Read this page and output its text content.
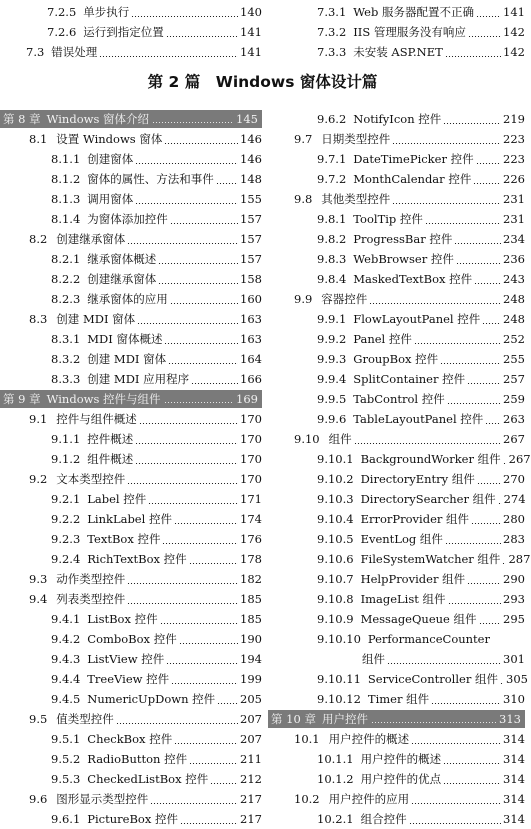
7.2.5 单步执行	140
7.2.6 运行到指定位置	141
7.3 错误处理	141
7.3.1 Web 服务器配置不正确	141
7.3.2 IIS 管理服务没有响应	142
7.3.3 未安装 ASP.NET	142
第 2 篇　Windows 窗体设计篇
第 8 章 Windows 窗体介绍	145
8.1 设置 Windows 窗体	146
8.1.1 创建窗体	146
8.1.2 窗体的属性、方法和事件 148
8.1.3 调用窗体	155
8.1.4 为窗体添加控件	157
8.2 创建继承窗体	157
8.2.1 继承窗体概述	157
8.2.2 创建继承窗体	158
8.2.3 继承窗体的应用	160
8.3 创建 MDI 窗体	163
8.3.1 MDI 窗体概述	163
8.3.2 创建 MDI 窗体	164
8.3.3 创建 MDI 应用程序	166
第 9 章 Windows 控件与组件	169
9.1 控件与组件概述	170
9.1.1 控件概述	170
9.1.2 组件概述	170
9.2 文本类型控件	170
9.2.1 Label 控件	171
9.2.2 LinkLabel 控件	174
9.2.3 TextBox 控件	176
9.2.4 RichTextBox 控件	178
9.3 动作类型控件	182
9.4 列表类型控件	185
9.4.1 ListBox 控件	185
9.4.2 ComboBox 控件	190
9.4.3 ListView 控件	194
9.4.4 TreeView 控件	199
9.4.5 NumericUpDown 控件 205
9.5 值类型控件	207
9.5.1 CheckBox 控件	207
9.5.2 RadioButton 控件	211
9.5.3 CheckedListBox 控件	212
9.6 图形显示类型控件	217
9.6.1 PictureBox 控件	217
9.6.2 NotifyIcon 控件	219
9.7 日期类型控件	223
9.7.1 DateTimePicker 控件	223
9.7.2 MonthCalendar 控件	226
9.8 其他类型控件	231
9.8.1 ToolTip 控件	231
9.8.2 ProgressBar 控件	234
9.8.3 WebBrowser 控件	236
9.8.4 MaskedTextBox 控件	243
9.9 容器控件	248
9.9.1 FlowLayoutPanel 控件 248
9.9.2 Panel 控件	252
9.9.3 GroupBox 控件	255
9.9.4 SplitContainer 控件	257
9.9.5 TabControl 控件	259
9.9.6 TableLayoutPanel 控件 263
9.10 组件	267
9.10.1 BackgroundWorker 组件 267
9.10.2 DirectoryEntry 组件 270
9.10.3 DirectorySearcher 组件 274
9.10.4 ErrorProvider 组件	280
9.10.5 EventLog 组件	283
9.10.6 FileSystemWatcher 组件 287
9.10.7 HelpProvider 组件	290
9.10.8 ImageList 组件	293
9.10.9 MessageQueue 组件 295
9.10.10 PerformanceCounter
组件	301
9.10.11 ServiceController 组件 305
9.10.12 Timer 组件	310
第 10 章 用户控件	313
10.1 用户控件的概述	314
10.1.1 用户控件的概述	314
10.1.2 用户控件的优点	314
10.2 用户控件的应用	314
10.2.1 组合控件	314
